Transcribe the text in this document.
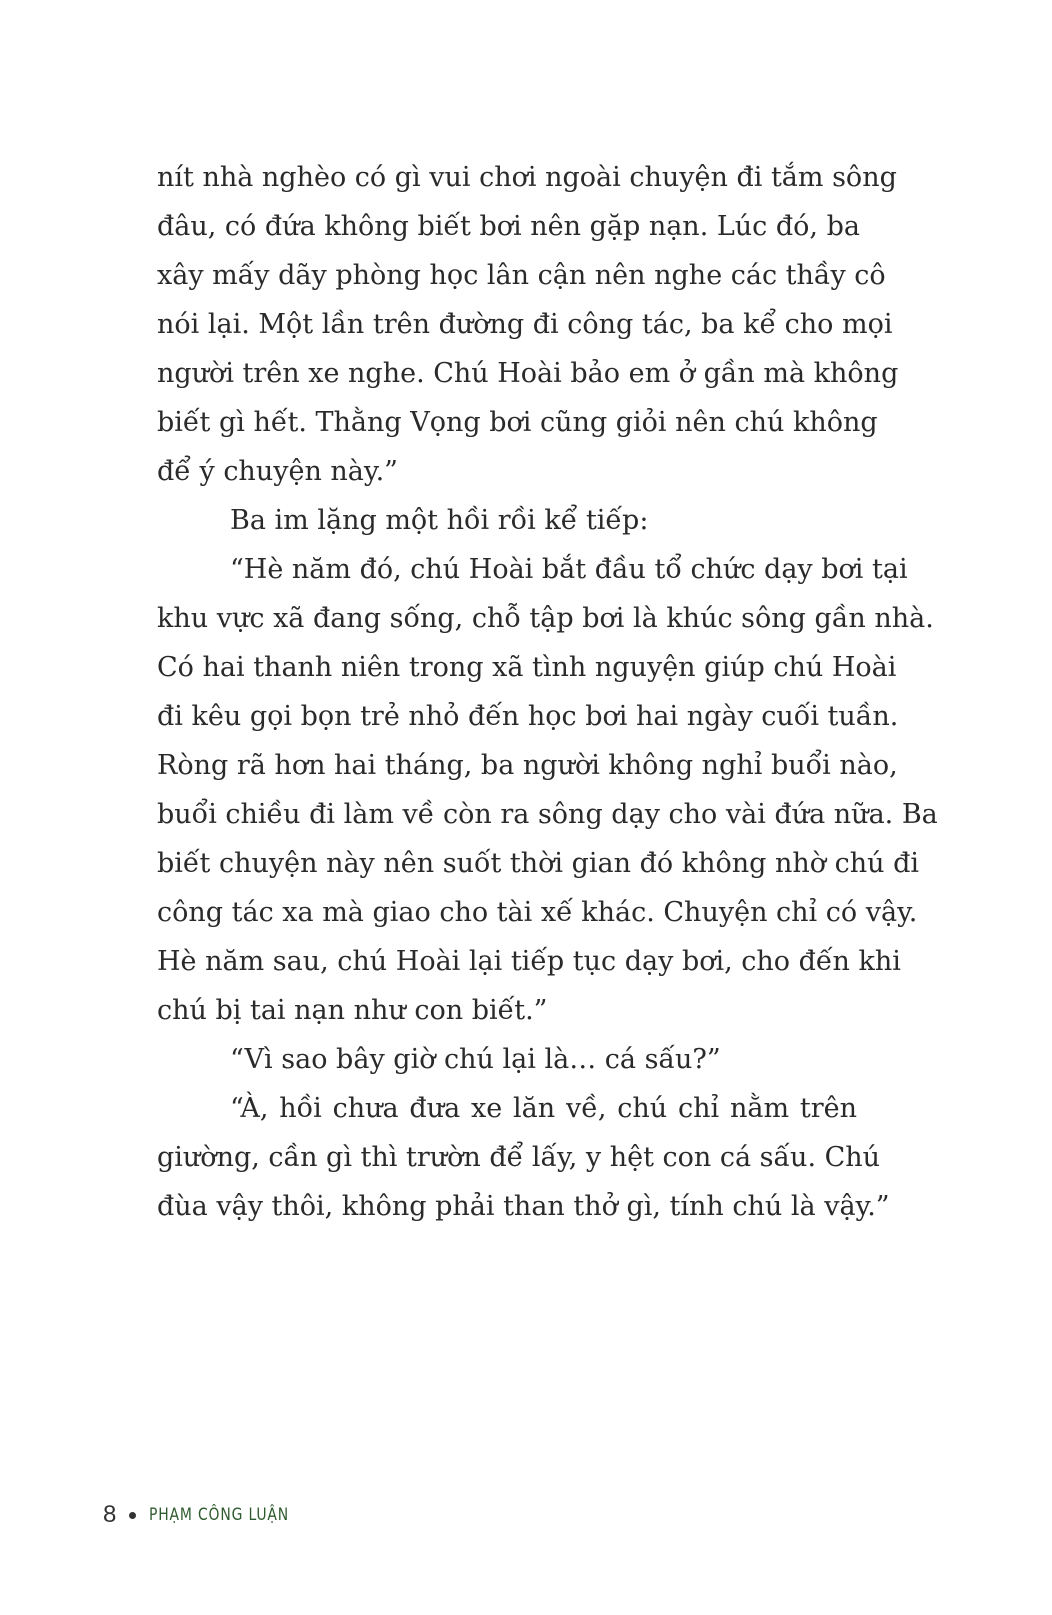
nít nhà nghèo có gì vui chơi ngoài chuyện đi tắm sông
đâu, có đứa không biết bơi nên gặp nạn. Lúc đó, ba
xây mấy dãy phòng học lân cận nên nghe các thầy cô
nói lại. Một lần trên đường đi công tác, ba kể cho mọi
người trên xe nghe. Chú Hoài bảo em ở gần mà không
biết gì hết. Thằng Vọng bơi cũng giỏi nên chú không
để ý chuyện này.”
Ba im lặng một hồi rồi kể tiếp:
“Hè năm đó, chú Hoài bắt đầu tổ chức dạy bơi tại
khu vực xã đang sống, chỗ tập bơi là khúc sông gần nhà.
Có hai thanh niên trong xã tình nguyện giúp chú Hoài
đi kêu gọi bọn trẻ nhỏ đến học bơi hai ngày cuối tuần.
Ròng rã hơn hai tháng, ba người không nghỉ buổi nào,
buổi chiều đi làm về còn ra sông dạy cho vài đứa nữa. Ba
biết chuyện này nên suốt thời gian đó không nhờ chú đi
công tác xa mà giao cho tài xế khác. Chuyện chỉ có vậy.
Hè năm sau, chú Hoài lại tiếp tục dạy bơi, cho đến khi
chú bị tai nạn như con biết.”
“Vì sao bây giờ chú lại là… cá sấu?”
“À, hồi chưa đưa xe lăn về, chú chỉ nằm trên
giường, cần gì thì trườn để lấy, y hệt con cá sấu. Chú
đùa vậy thôi, không phải than thở gì, tính chú là vậy.”
8 PHẠM CÔNG LUẬN
